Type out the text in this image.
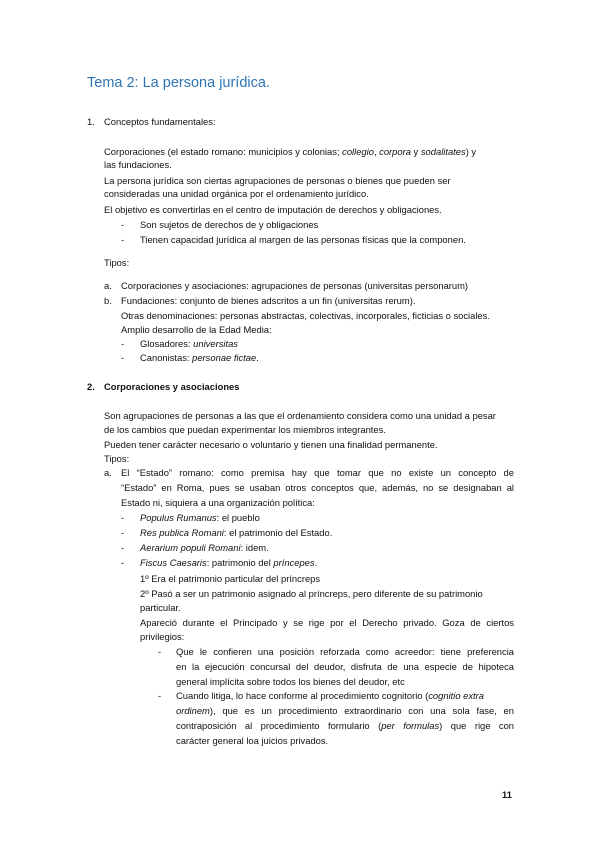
Tema 2: La persona jurídica.
1. Conceptos fundamentales:
Corporaciones (el estado romano: municipios y colonias; collegio, corpora y sodalitates) y
las fundaciones.
La persona jurídica son ciertas agrupaciones de personas o bienes que pueden ser
consideradas una unidad orgánica por el ordenamiento jurídico.
El objetivo es convertirlas en el centro de imputación de derechos y obligaciones.
- Son sujetos de derechos de y obligaciones
- Tienen capacidad jurídica al margen de las personas físicas que la componen.
Tipos:
a. Corporaciones y asociaciones: agrupaciones de personas (universitas personarum)
b. Fundaciones: conjunto de bienes adscritos a un fin (universitas rerum).
Otras denominaciones: personas abstractas, colectivas, incorporales, ficticias o sociales.
Amplio desarrollo de la Edad Media:
- Glosadores: universitas
- Canonistas: personae fictae.
2. Corporaciones y asociaciones
Son agrupaciones de personas a las que el ordenamiento considera como una unidad a pesar
de los cambios que puedan experimentar los miembros integrantes.
Pueden tener carácter necesario o voluntario y tienen una finalidad permanente.
Tipos:
a. El “Estado” romano: como premisa hay que tomar que no existe un concepto de
“Estado” en Roma, pues se usaban otros conceptos que, además, no se designaban al
Estado ni, siquiera a una organización política:
- Populus Rumanus: el pueblo
- Res publica Romani: el patrimonio del Estado.
- Aerarium populi Romani: idem.
- Fiscus Caesaris: patrimonio del príncepes.
1º Era el patrimonio particular del príncreps
2º Pasó a ser un patrimonio asignado al príncreps, pero diferente de su patrimonio
particular.
Apareció durante el Principado y se rige por el Derecho privado. Goza de ciertos
privilegios:
- Que le confieren una posición reforzada como acreedor: tiene preferencia
en la ejecución concursal del deudor, disfruta de una especie de hipoteca
general implícita sobre todos los bienes del deudor, etc
- Cuando litiga, lo hace conforme al procedimiento cognitorio (cognitio extra
ordinem), que es un procedimiento extraordinario con una sola fase, en
contraposición al procedimiento formulario (per formulas) que rige con
carácter general loa juicios privados.
11
